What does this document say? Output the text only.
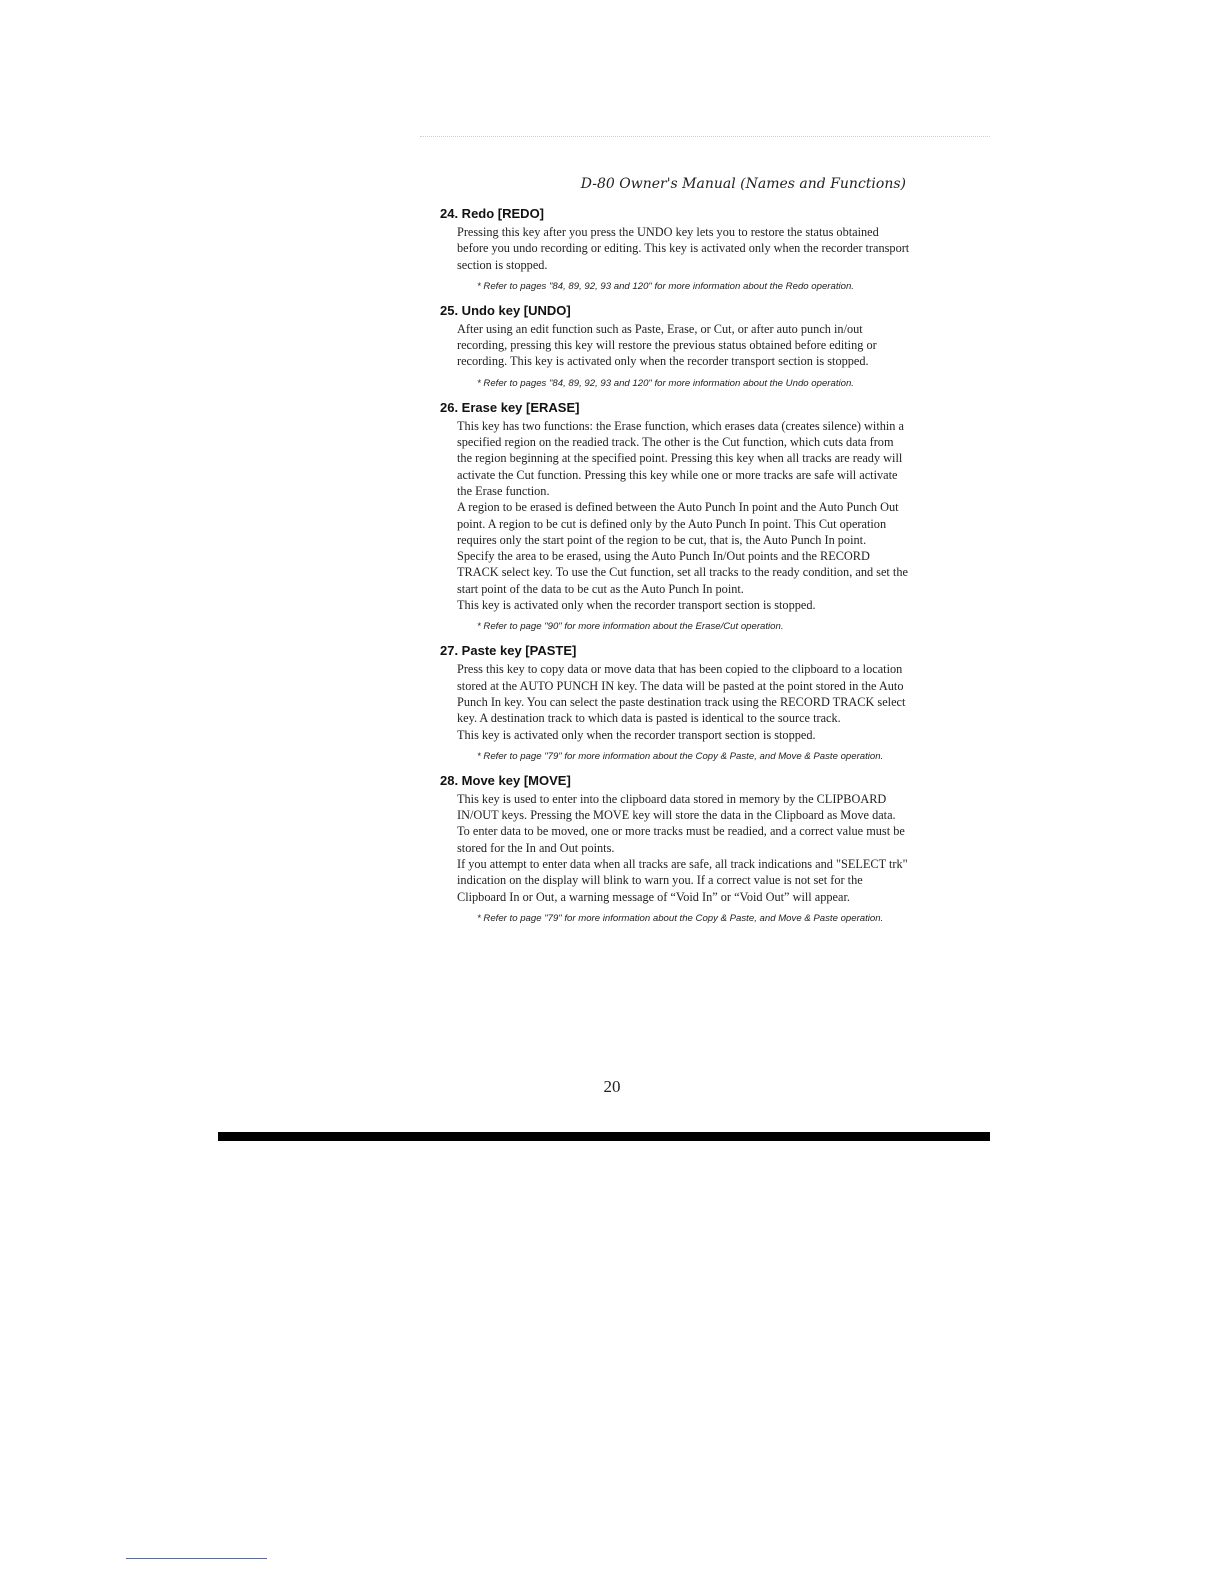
D-80 Owner's Manual (Names and Functions)
24. Redo [REDO]

Pressing this key after you press the UNDO key lets you to restore the status obtained before you undo recording or editing. This key is activated only when the recorder transport section is stopped.

* Refer to pages "84, 89, 92, 93 and 120" for more information about the Redo operation.

25. Undo key [UNDO]

After using an edit function such as Paste, Erase, or Cut, or after auto punch in/out recording, pressing this key will restore the previous status obtained before editing or recording. This key is activated only when the recorder transport section is stopped.

* Refer to pages "84, 89, 92, 93 and 120" for more information about the Undo operation.

26. Erase key [ERASE]

This key has two functions: the Erase function, which erases data (creates silence) within a specified region on the readied track. The other is the Cut function, which cuts data from the region beginning at the specified point. Pressing this key when all tracks are ready will activate the Cut function. Pressing this key while one or more tracks are safe will activate the Erase function.

A region to be erased is defined between the Auto Punch In point and the Auto Punch Out point. A region to be cut is defined only by the Auto Punch In point. This Cut operation requires only the start point of the region to be cut, that is, the Auto Punch In point.

Specify the area to be erased, using the Auto Punch In/Out points and the RECORD TRACK select key. To use the Cut function, set all tracks to the ready condition, and set the start point of the data to be cut as the Auto Punch In point.

This key is activated only when the recorder transport section is stopped.

* Refer to page "90" for more information about the Erase/Cut operation.

27. Paste key [PASTE]

Press this key to copy data or move data that has been copied to the clipboard to a location stored at the AUTO PUNCH IN key. The data will be pasted at the point stored in the Auto Punch In key. You can select the paste destination track using the RECORD TRACK select key. A destination track to which data is pasted is identical to the source track.

This key is activated only when the recorder transport section is stopped.

* Refer to page "79" for more information about the Copy & Paste, and Move & Paste operation.

28. Move key [MOVE]

This key is used to enter into the clipboard data stored in memory by the CLIPBOARD IN/OUT keys. Pressing the MOVE key will store the data in the Clipboard as Move data.

To enter data to be moved, one or more tracks must be readied, and a correct value must be stored for the In and Out points.

If you attempt to enter data when all tracks are safe, all track indications and "SELECT trk" indication on the display will blink to warn you. If a correct value is not set for the Clipboard In or Out, a warning message of “Void In” or “Void Out” will appear.

* Refer to page "79" for more information about the Copy & Paste, and Move & Paste operation.

20
